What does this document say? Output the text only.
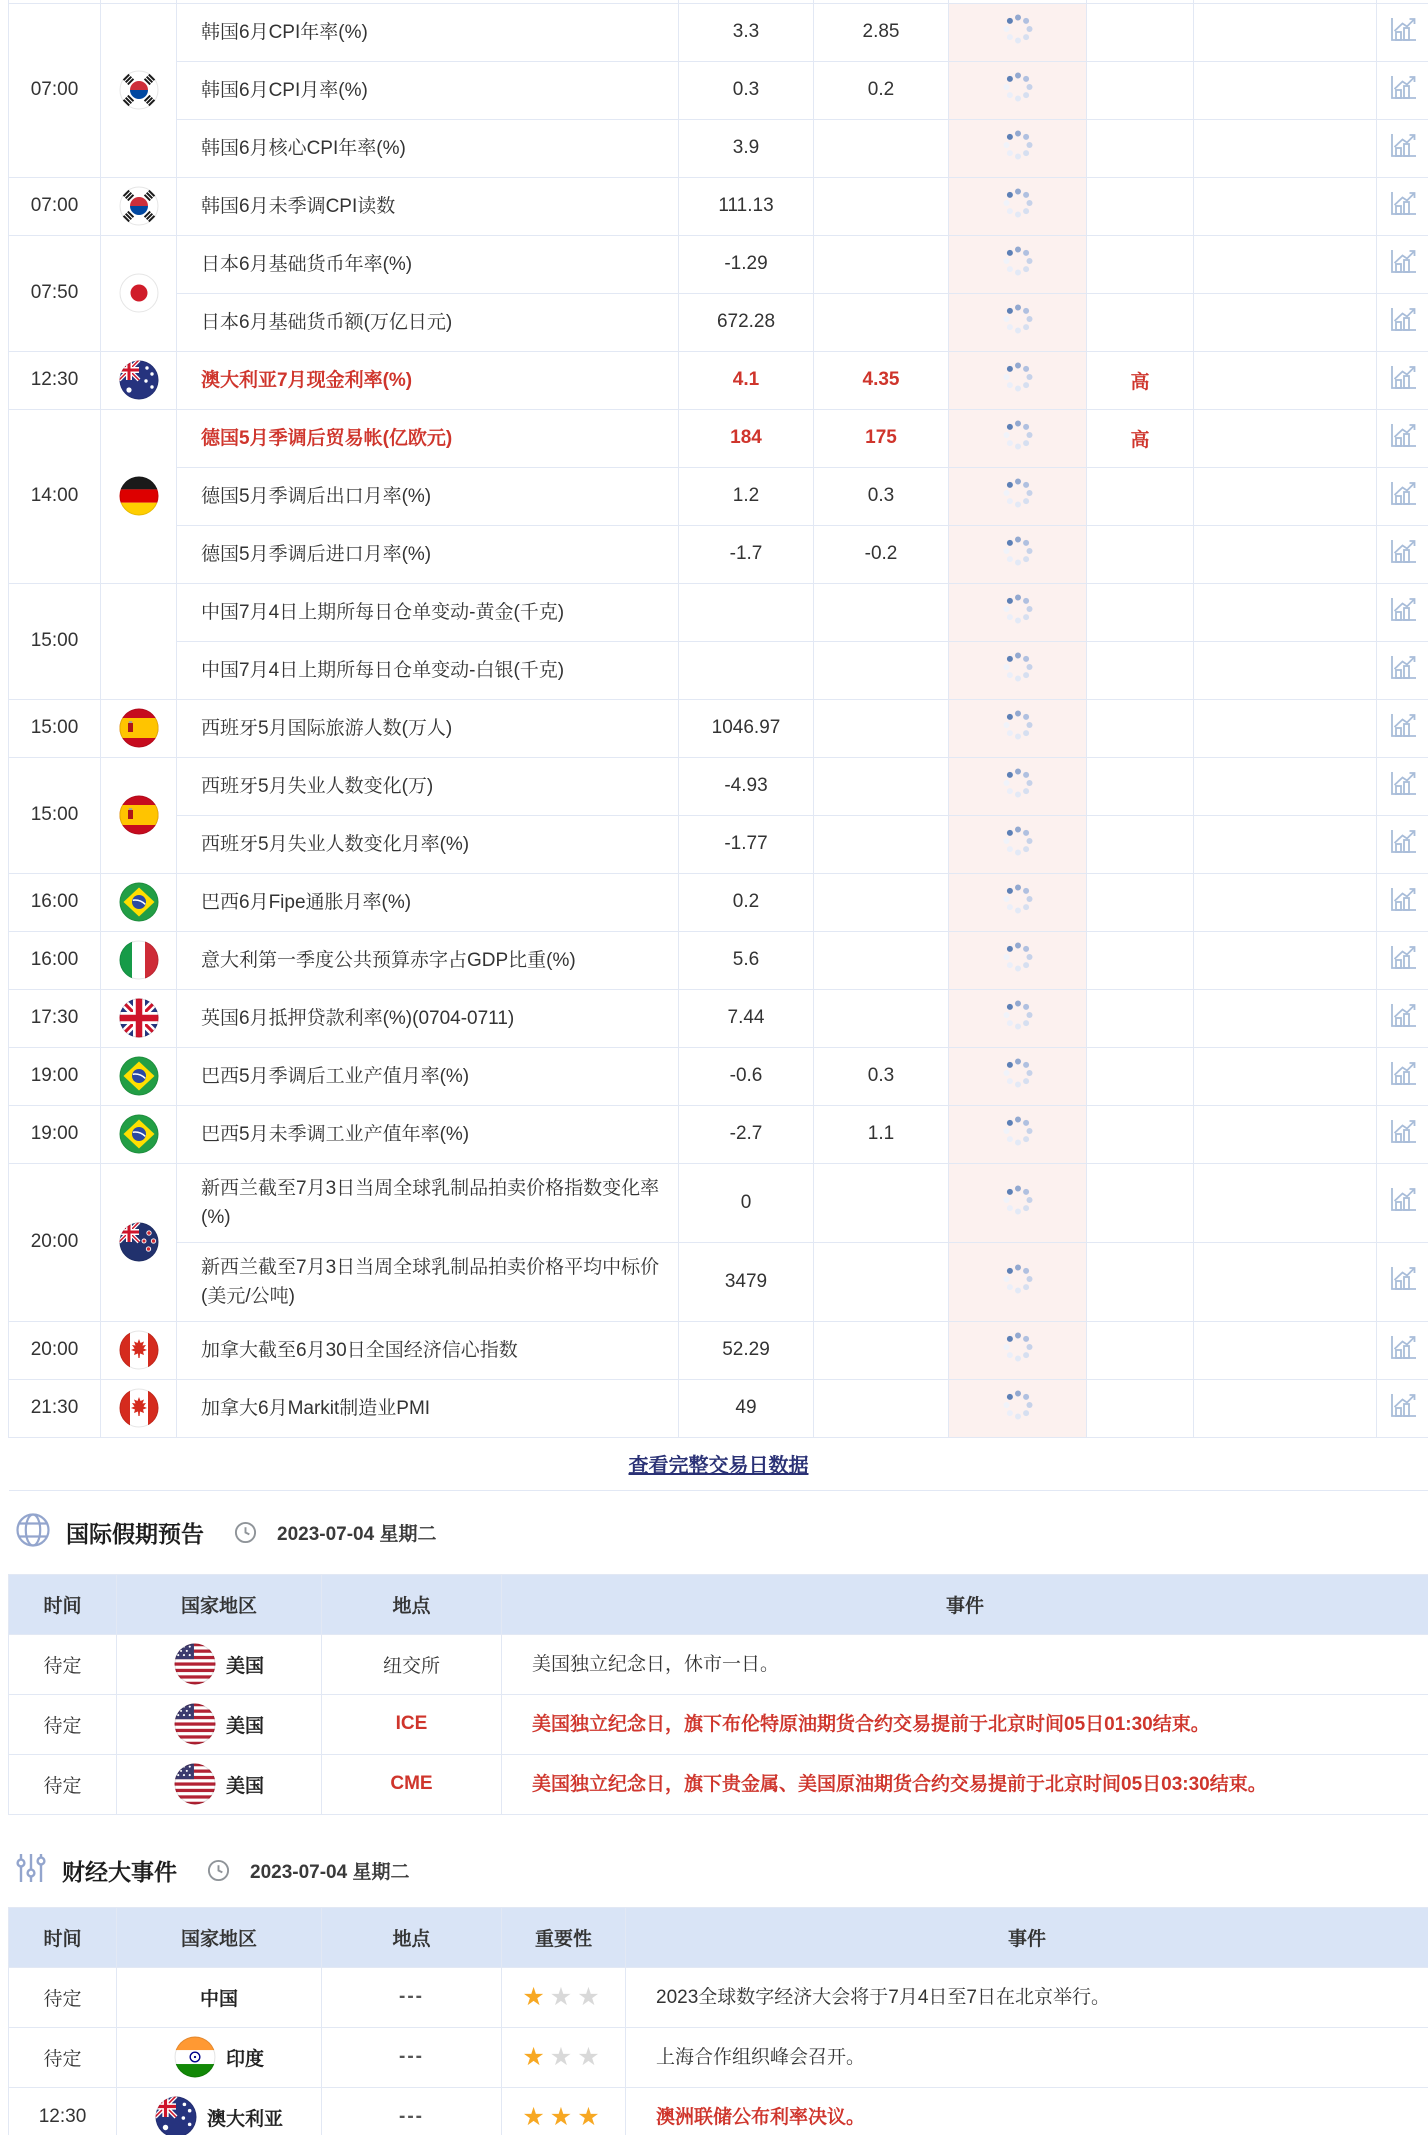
07:00		韩国6月CPI年率(%)	3.3	2.85				

		韩国6月CPI月率(%)	0.3	0.2				

		韩国6月核心CPI年率(%)	3.9					

07:00		韩国6月未季调CPI读数	111.13					

07:50		日本6月基础货币年率(%)	-1.29					

		日本6月基础货币额(万亿日元)	672.28					

12:30		澳大利亚7月现金利率(%)	4.1	4.35		高		

14:00		德国5月季调后贸易帐(亿欧元)	184	175		高		

		德国5月季调后出口月率(%)	1.2	0.3				

		德国5月季调后进口月率(%)	-1.7	-0.2				

15:00		中国7月4日上期所每日仓单变动-黄金(千克)						

		中国7月4日上期所每日仓单变动-白银(千克)						

15:00		西班牙5月国际旅游人数(万人)	1046.97					

15:00		西班牙5月失业人数变化(万)	-4.93					

		西班牙5月失业人数变化月率(%)	-1.77					

16:00		巴西6月Fipe通胀月率(%)	0.2					

16:00		意大利第一季度公共预算赤字占GDP比重(%)	5.6					

17:30		英国6月抵押贷款利率(%)(0704-0711)	7.44					

19:00		巴西5月季调后工业产值月率(%)	-0.6	0.3				

19:00		巴西5月未季调工业产值年率(%)	-2.7	1.1				

20:00		新西兰截至7月3日当周全球乳制品拍卖价格指数变化率(%)	0					

		新西兰截至7月3日当周全球乳制品拍卖价格平均中标价(美元/公吨)	3479					

20:00		加拿大截至6月30日全国经济信心指数	52.29					

21:30		加拿大6月Markit制造业PMI	49					

查看完整交易日数据								
国际假期预告	2023-07-04 星期二
时间	国家地区	地点	事件
待定	美国	纽交所	美国独立纪念日，休市一日。
待定	美国	ICE	美国独立纪念日，旗下布伦特原油期货合约交易提前于北京时间05日01:30结束。
待定	美国	CME	美国独立纪念日，旗下贵金属、美国原油期货合约交易提前于北京时间05日03:30结束。
财经大事件	2023-07-04 星期二
时间	国家地区	地点	重要性	事件
待定	中国	---	★★★	2023全球数字经济大会将于7月4日至7日在北京举行。
待定	印度	---	★★★	上海合作组织峰会召开。
12:30	澳大利亚	---	★★★	澳洲联储公布利率决议。
